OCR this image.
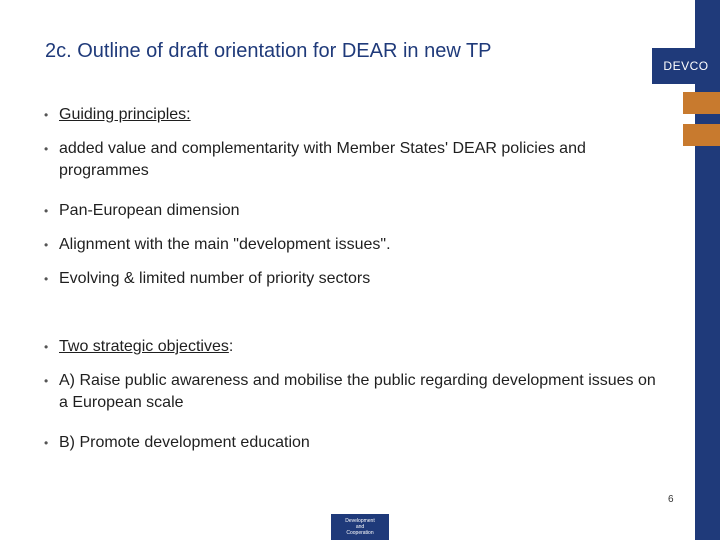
DEVCO
2c. Outline of draft orientation for DEAR in new TP
• Guiding principles:
• added value and complementarity with Member States' DEAR policies and programmes
• Pan-European dimension
• Alignment with the main "development issues".
• Evolving & limited number of priority sectors
• Two strategic objectives:
• A) Raise public awareness and mobilise the public regarding development issues on a European scale
• B) Promote development education
6
Development
and
Cooperation
